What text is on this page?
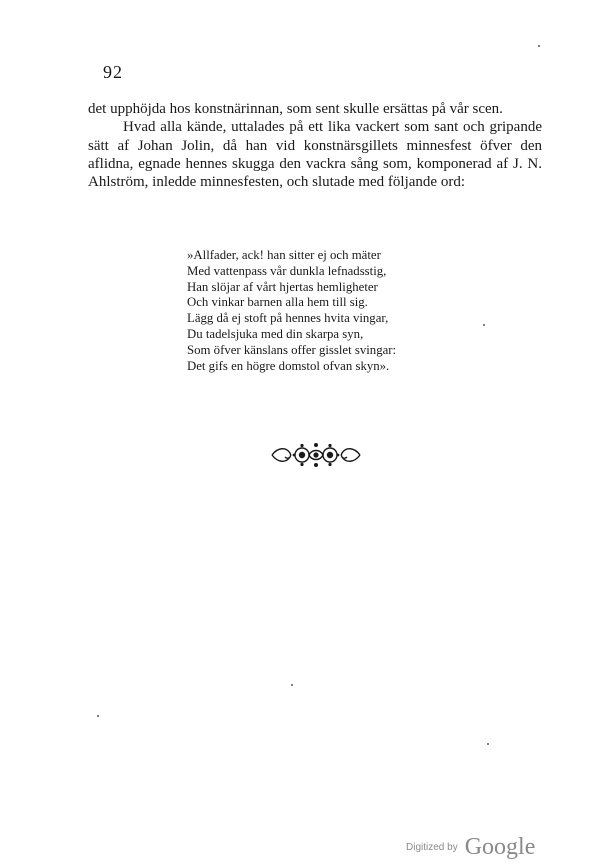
92

det upphöjda hos konstnärinnan, som sent skulle ersättas på vår scen.

Hvad alla kände, uttalades på ett lika vackert som sant och gripande sätt af Johan Jolin, då han vid konstnärsgillets minnesfest öfver den aflidna, egnade hennes skugga den vackra sång som, komponerad af J. N. Ahlström, inledde minnesfesten, och slutade med följande ord:

»Allfader, ack! han sitter ej och mäter
Med vattenpass vår dunkla lefnadsstig,
Han slöjar af vårt hjertas hemligheter
Och vinkar barnen alla hem till sig.
Lägg då ej stoft på hennes hvita vingar,
Du tadelsjuka med din skarpa syn,
Som öfver känslans offer gisslet svingar:
Det gifs en högre domstol ofvan skyn».
$^{Digitized by}$ Google
